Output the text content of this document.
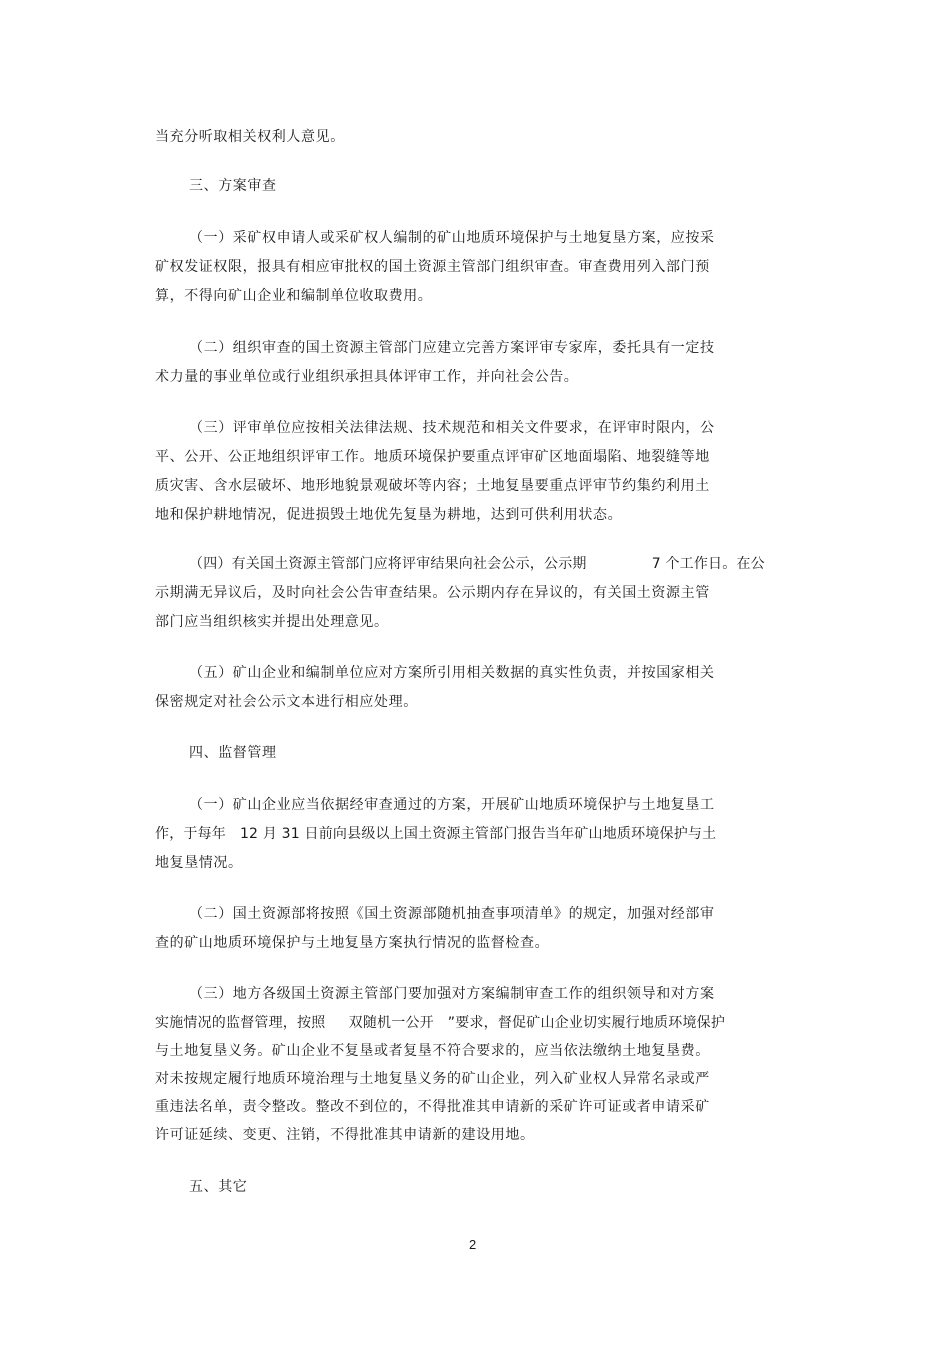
当充分听取相关权利人意见。
三、方案审查
（一）采矿权申请人或采矿权人编制的矿山地质环境保护与土地复垦方案，应按采
矿权发证权限，报具有相应审批权的国土资源主管部门组织审查。审查费用列入部门预
算，不得向矿山企业和编制单位收取费用。
（二）组织审查的国土资源主管部门应建立完善方案评审专家库，委托具有一定技
术力量的事业单位或行业组织承担具体评审工作，并向社会公告。
（三）评审单位应按相关法律法规、技术规范和相关文件要求，在评审时限内，公
平、公开、公正地组织评审工作。地质环境保护要重点评审矿区地面塌陷、地裂缝等地
质灾害、含水层破坏、地形地貌景观破坏等内容；土地复垦要重点评审节约集约利用土
地和保护耕地情况，促进损毁土地优先复垦为耕地，达到可供利用状态。
（四）有关国土资源主管部门应将评审结果向社会公示，公示期              7 个工作日。在公
示期满无异议后，及时向社会公告审查结果。公示期内存在异议的，有关国土资源主管
部门应当组织核实并提出处理意见。
（五）矿山企业和编制单位应对方案所引用相关数据的真实性负责，并按国家相关
保密规定对社会公示文本进行相应处理。
四、监督管理
（一）矿山企业应当依据经审查通过的方案，开展矿山地质环境保护与土地复垦工
作，于每年   12 月 31 日前向县级以上国土资源主管部门报告当年矿山地质环境保护与土
地复垦情况。
（二）国土资源部将按照《国土资源部随机抽查事项清单》的规定，加强对经部审
查的矿山地质环境保护与土地复垦方案执行情况的监督检查。
（三）地方各级国土资源主管部门要加强对方案编制审查工作的组织领导和对方案
实施情况的监督管理，按照     双随机一公开   ”要求，督促矿山企业切实履行地质环境保护
与土地复垦义务。矿山企业不复垦或者复垦不符合要求的，应当依法缴纳土地复垦费。
对未按规定履行地质环境治理与土地复垦义务的矿山企业，列入矿业权人异常名录或严
重违法名单，责令整改。整改不到位的，不得批准其申请新的采矿许可证或者申请采矿
许可证延续、变更、注销，不得批准其申请新的建设用地。
五、其它
2
